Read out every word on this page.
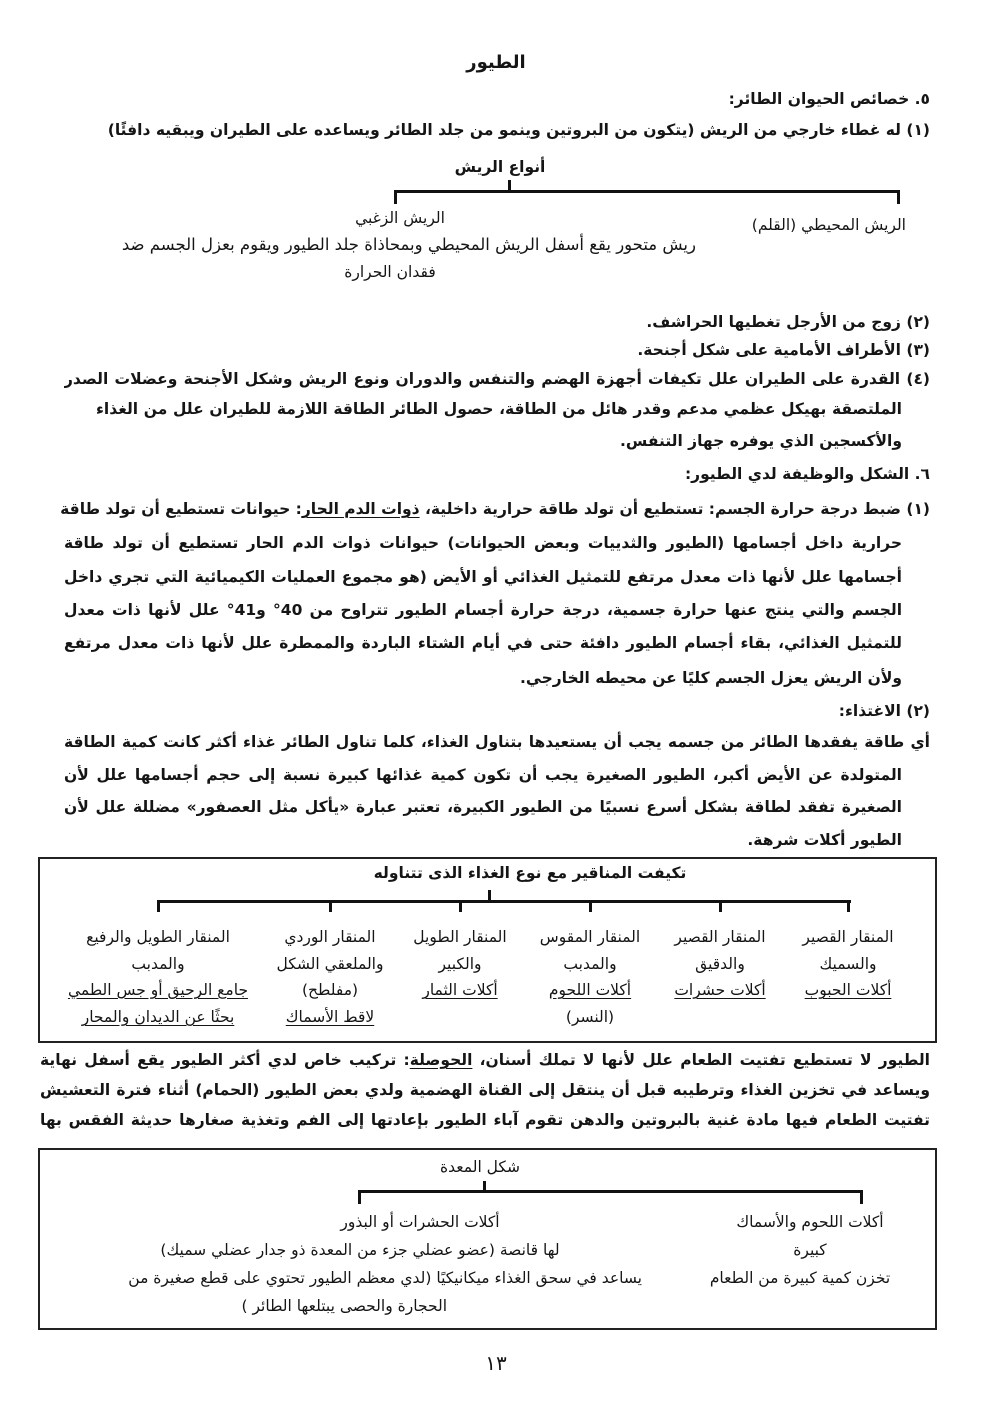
الطيور
٥. خصائص الحيوان الطائر:
(١) له غطاء خارجي من الريش (يتكون من البروتين وينمو من جلد الطائر ويساعده على الطيران ويبقيه دافئًا)
أنواع الريش
الريش المحيطي (القلم)
الريش الزغبي
ريش متحور يقع أسفل الريش المحيطي وبمحاذاة جلد الطيور ويقوم بعزل الجسم ضد
فقدان الحرارة
(٢) زوج من الأرجل تغطيها الحراشف.
(٣) الأطراف الأمامية على شكل أجنحة.
(٤) القدرة على الطيران علل تكيفات أجهزة الهضم والتنفس والدوران ونوع الريش وشكل الأجنحة وعضلات الصدر
الملتصقة بهيكل عظمي مدعم وقدر هائل من الطاقة، حصول الطائر الطاقة اللازمة للطيران علل من الغذاء
والأكسجين الذي يوفره جهاز التنفس.
٦. الشكل والوظيفة لدي الطيور:
(١) ضبط درجة حرارة الجسم: تستطيع أن تولد طاقة حرارية داخلية، ذوات الدم الحار: حيوانات تستطيع أن تولد طاقة
حرارية داخل أجسامها (الطيور والثدييات وبعض الحيوانات) حيوانات ذوات الدم الحار تستطيع أن تولد طاقة
أجسامها علل لأنها ذات معدل مرتفع للتمثيل الغذائي أو الأيض (هو مجموع العمليات الكيميائية التي تجري داخل
الجسم والتي ينتج عنها حرارة جسمية، درجة حرارة أجسام الطيور تتراوح من 40° و41° علل لأنها ذات معدل
للتمثيل الغذائي، بقاء أجسام الطيور دافئة حتى في أيام الشتاء الباردة والممطرة علل لأنها ذات معدل مرتفع
ولأن الريش يعزل الجسم كليًا عن محيطه الخارجي.
(٢) الاغتذاء:
أي طاقة يفقدها الطائر من جسمه يجب أن يستعيدها بتناول الغذاء، كلما تناول الطائر غذاء أكثر كانت كمية الطاقة
المتولدة عن الأيض أكبر، الطيور الصغيرة يجب أن تكون كمية غذائها كبيرة نسبة إلى حجم أجسامها علل لأن
الصغيرة تفقد لطاقة بشكل أسرع نسبيًا من الطيور الكبيرة، تعتبر عبارة «يأكل مثل العصفور» مضللة علل لأن
الطيور أكلات شرهة.
تكيفت المناقير مع نوع الغذاء الذى تتناوله
المنقار القصير
والسميك
أكلات الحبوب
المنقار القصير
والدقيق
أكلات حشرات
المنقار المقوس
والمدبب
أكلات اللحوم
(النسر)
المنقار الطويل
والكبير
أكلات الثمار
المنقار الوردي
والملعقي الشكل
(مفلطح)
لاقط الأسماك
المنقار الطويل والرفيع
والمدبب
جامع الرحيق أو جس الطمي
بحثًا عن الديدان والمحار
الطيور لا تستطيع تفتيت الطعام علل لأنها لا تملك أسنان، الحوصلة: تركيب خاص لدي أكثر الطيور يقع أسفل نهاية
ويساعد في تخزين الغذاء وترطيبه قبل أن ينتقل إلى القناة الهضمية ولدي بعض الطيور (الحمام) أثناء فترة التعشيش
تفتيت الطعام فيها مادة غنية بالبروتين والدهن تقوم آباء الطيور بإعادتها إلى الفم وتغذية صغارها حديثة الفقس بها
شكل المعدة
أكلات اللحوم والأسماك
كبيرة
تخزن كمية كبيرة من الطعام
أكلات الحشرات أو البذور
لها قانصة (عضو عضلي جزء من المعدة ذو جدار عضلي سميك)
يساعد في سحق الغذاء ميكانيكيًا (لدي معظم الطيور تحتوي على قطع صغيرة من
الحجارة والحصى يبتلعها الطائر )
١٣
